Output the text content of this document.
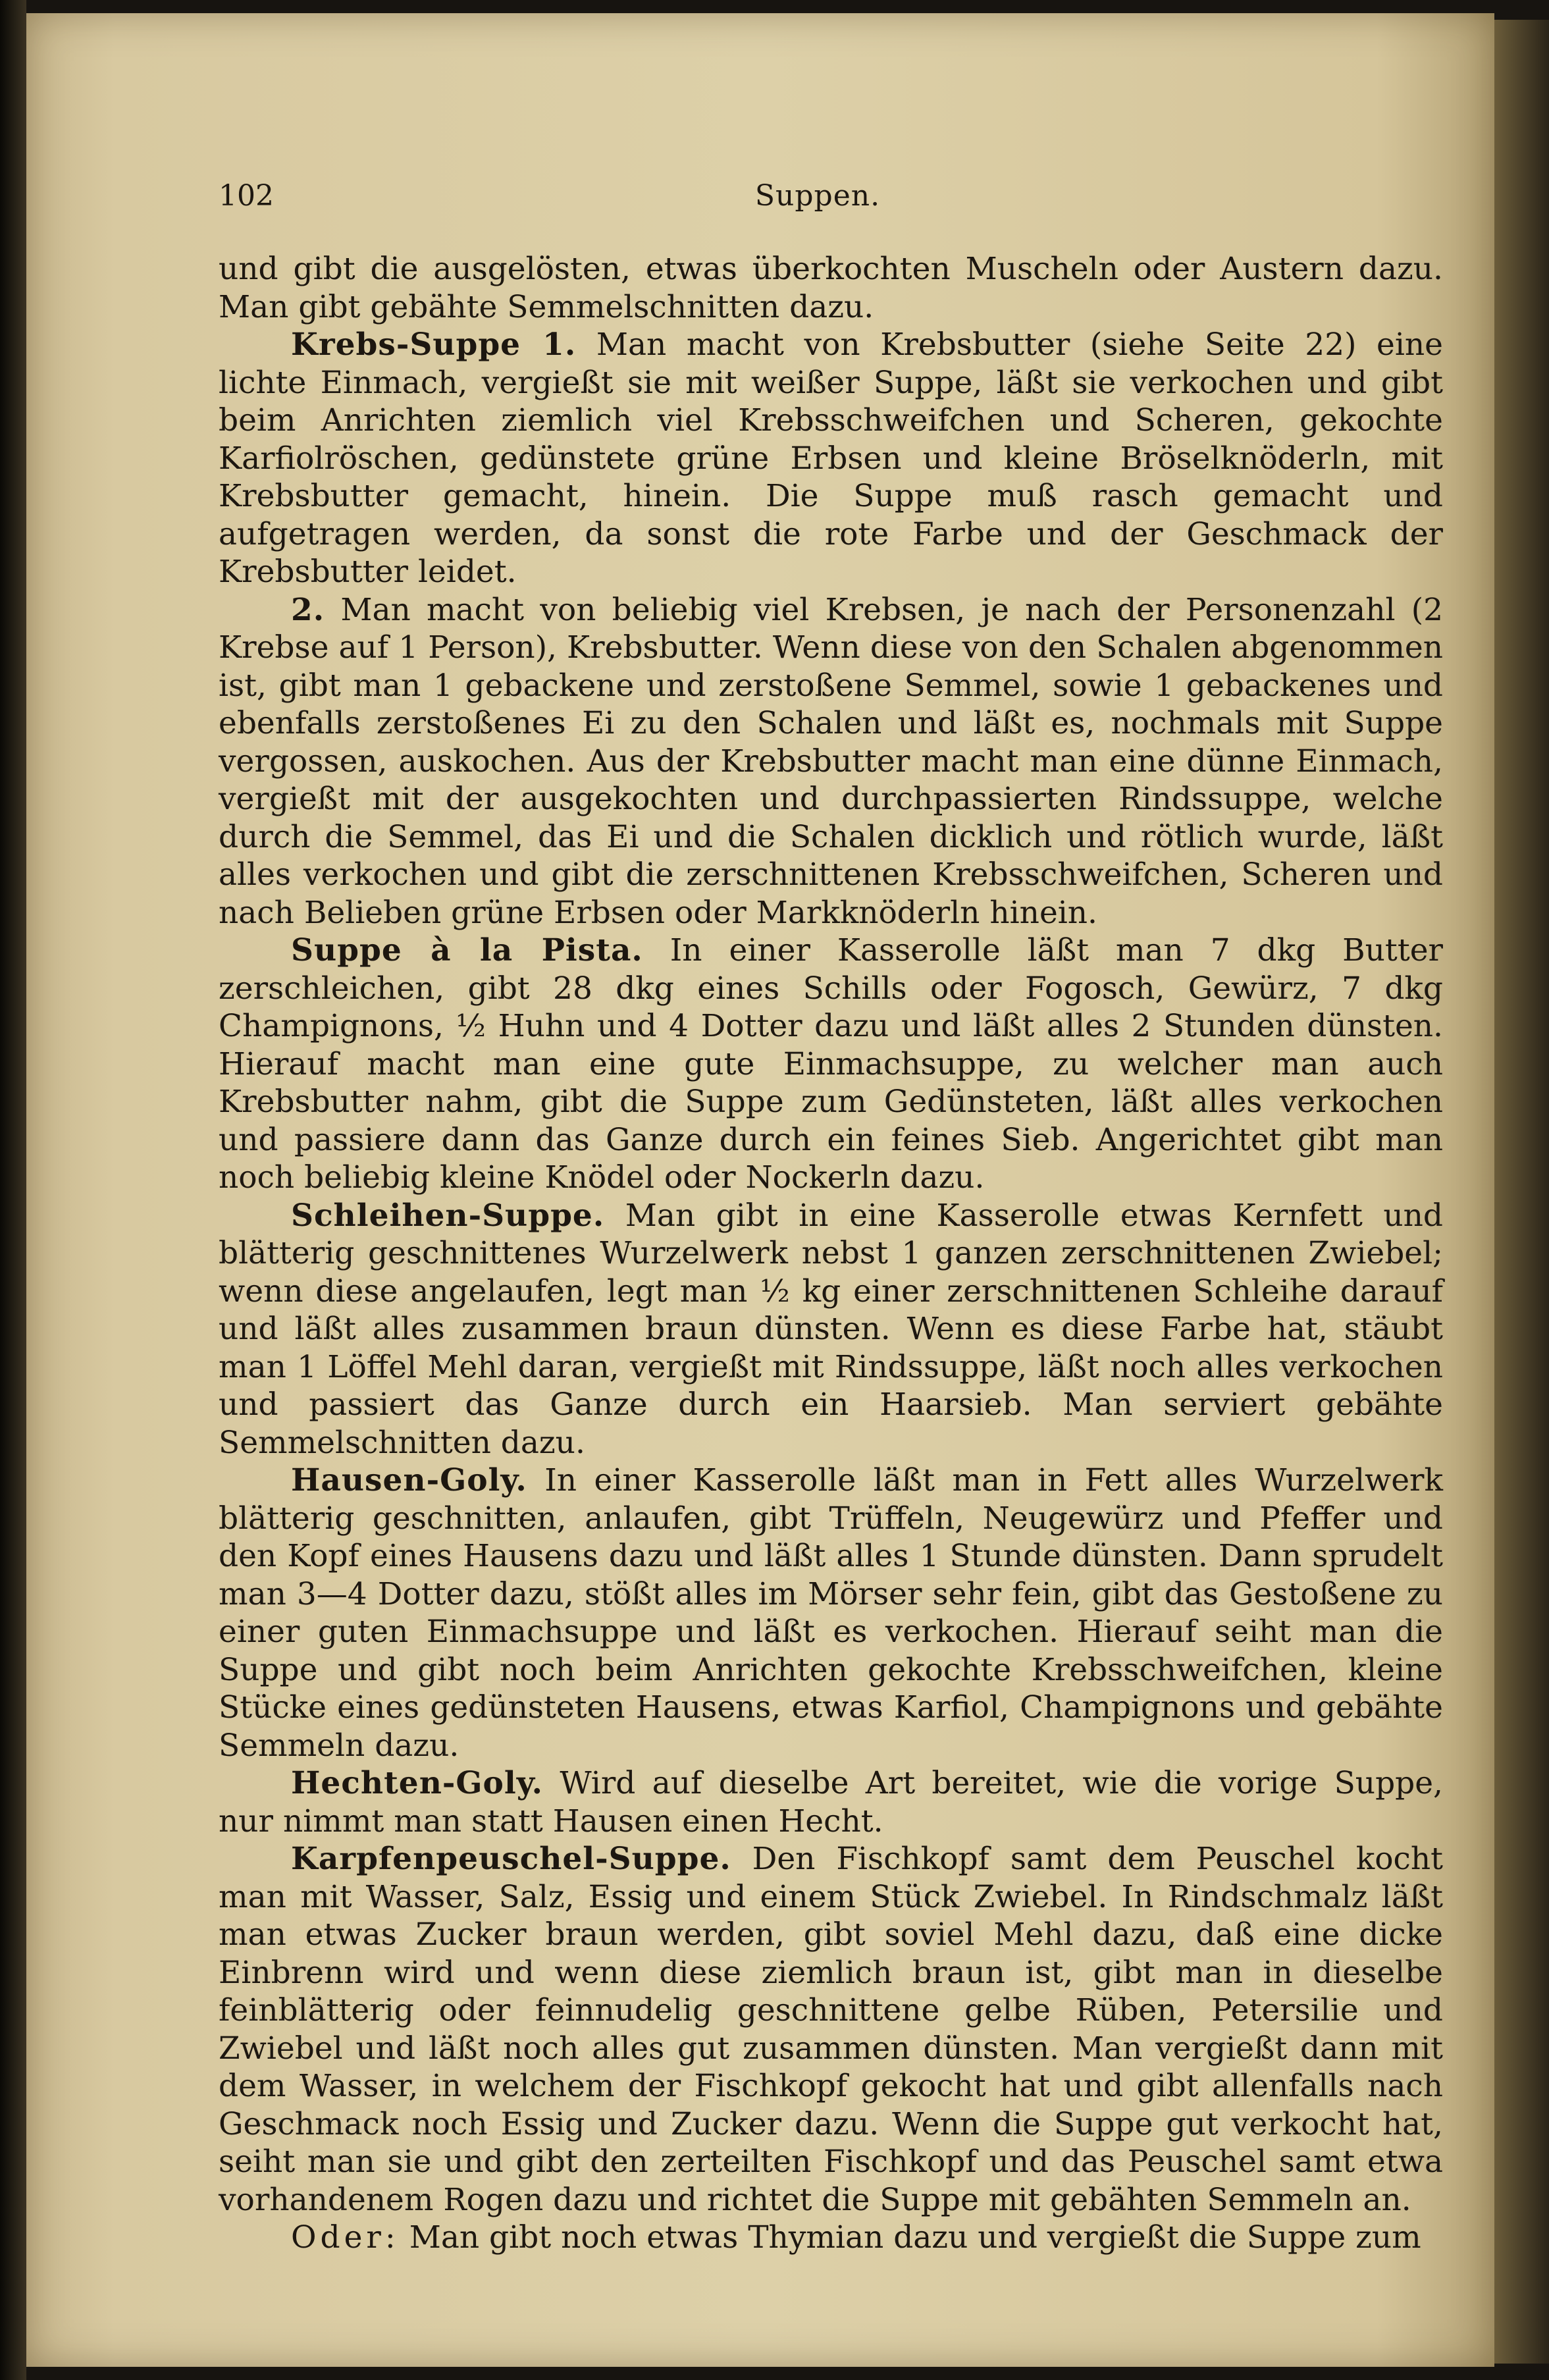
102	Suppen.

und gibt die ausgelösten, etwas überkochten Muscheln oder Austern dazu. Man gibt gebähte Semmelschnitten dazu.

Krebs-Suppe 1. Man macht von Krebsbutter (siehe Seite 22) eine lichte Einmach, vergießt sie mit weißer Suppe, läßt sie verkochen und gibt beim Anrichten ziemlich viel Krebsschweifchen und Scheren, gekochte Karfiolröschen, gedünstete grüne Erbsen und kleine Bröselknöderln, mit Krebsbutter gemacht, hinein. Die Suppe muß rasch gemacht und aufgetragen werden, da sonst die rote Farbe und der Geschmack der Krebsbutter leidet.

2. Man macht von beliebig viel Krebsen, je nach der Personenzahl (2 Krebse auf 1 Person), Krebsbutter. Wenn diese von den Schalen abgenommen ist, gibt man 1 gebackene und zerstoßene Semmel, sowie 1 gebackenes und ebenfalls zerstoßenes Ei zu den Schalen und läßt es, nochmals mit Suppe vergossen, auskochen. Aus der Krebsbutter macht man eine dünne Einmach, vergießt mit der ausgekochten und durchpassierten Rindssuppe, welche durch die Semmel, das Ei und die Schalen dicklich und rötlich wurde, läßt alles verkochen und gibt die zerschnittenen Krebsschweifchen, Scheren und nach Belieben grüne Erbsen oder Markknöderln hinein.

Suppe à la Pista. In einer Kasserolle läßt man 7 dkg Butter zerschleichen, gibt 28 dkg eines Schills oder Fogosch, Gewürz, 7 dkg Champignons, ½ Huhn und 4 Dotter dazu und läßt alles 2 Stunden dünsten. Hierauf macht man eine gute Einmachsuppe, zu welcher man auch Krebsbutter nahm, gibt die Suppe zum Gedünsteten, läßt alles verkochen und passiere dann das Ganze durch ein feines Sieb. Angerichtet gibt man noch beliebig kleine Knödel oder Nockerln dazu.

Schleihen-Suppe. Man gibt in eine Kasserolle etwas Kernfett und blätterig geschnittenes Wurzelwerk nebst 1 ganzen zerschnittenen Zwiebel; wenn diese angelaufen, legt man ½ kg einer zerschnittenen Schleihe darauf und läßt alles zusammen braun dünsten. Wenn es diese Farbe hat, stäubt man 1 Löffel Mehl daran, vergießt mit Rindssuppe, läßt noch alles verkochen und passiert das Ganze durch ein Haarsieb. Man serviert gebähte Semmelschnitten dazu.

Hausen-Goly. In einer Kasserolle läßt man in Fett alles Wurzelwerk blätterig geschnitten, anlaufen, gibt Trüffeln, Neugewürz und Pfeffer und den Kopf eines Hausens dazu und läßt alles 1 Stunde dünsten. Dann sprudelt man 3—4 Dotter dazu, stößt alles im Mörser sehr fein, gibt das Gestoßene zu einer guten Einmachsuppe und läßt es verkochen. Hierauf seiht man die Suppe und gibt noch beim Anrichten gekochte Krebsschweifchen, kleine Stücke eines gedünsteten Hausens, etwas Karfiol, Champignons und gebähte Semmeln dazu.

Hechten-Goly. Wird auf dieselbe Art bereitet, wie die vorige Suppe, nur nimmt man statt Hausen einen Hecht.

Karpfenpeuschel-Suppe. Den Fischkopf samt dem Peuschel kocht man mit Wasser, Salz, Essig und einem Stück Zwiebel. In Rindschmalz läßt man etwas Zucker braun werden, gibt soviel Mehl dazu, daß eine dicke Einbrenn wird und wenn diese ziemlich braun ist, gibt man in dieselbe feinblätterig oder feinnudelig geschnittene gelbe Rüben, Petersilie und Zwiebel und läßt noch alles gut zusammen dünsten. Man vergießt dann mit dem Wasser, in welchem der Fischkopf gekocht hat und gibt allenfalls nach Geschmack noch Essig und Zucker dazu. Wenn die Suppe gut verkocht hat, seiht man sie und gibt den zerteilten Fischkopf und das Peuschel samt etwa vorhandenem Rogen dazu und richtet die Suppe mit gebähten Semmeln an.

Oder: Man gibt noch etwas Thymian dazu und vergießt die Suppe zum
